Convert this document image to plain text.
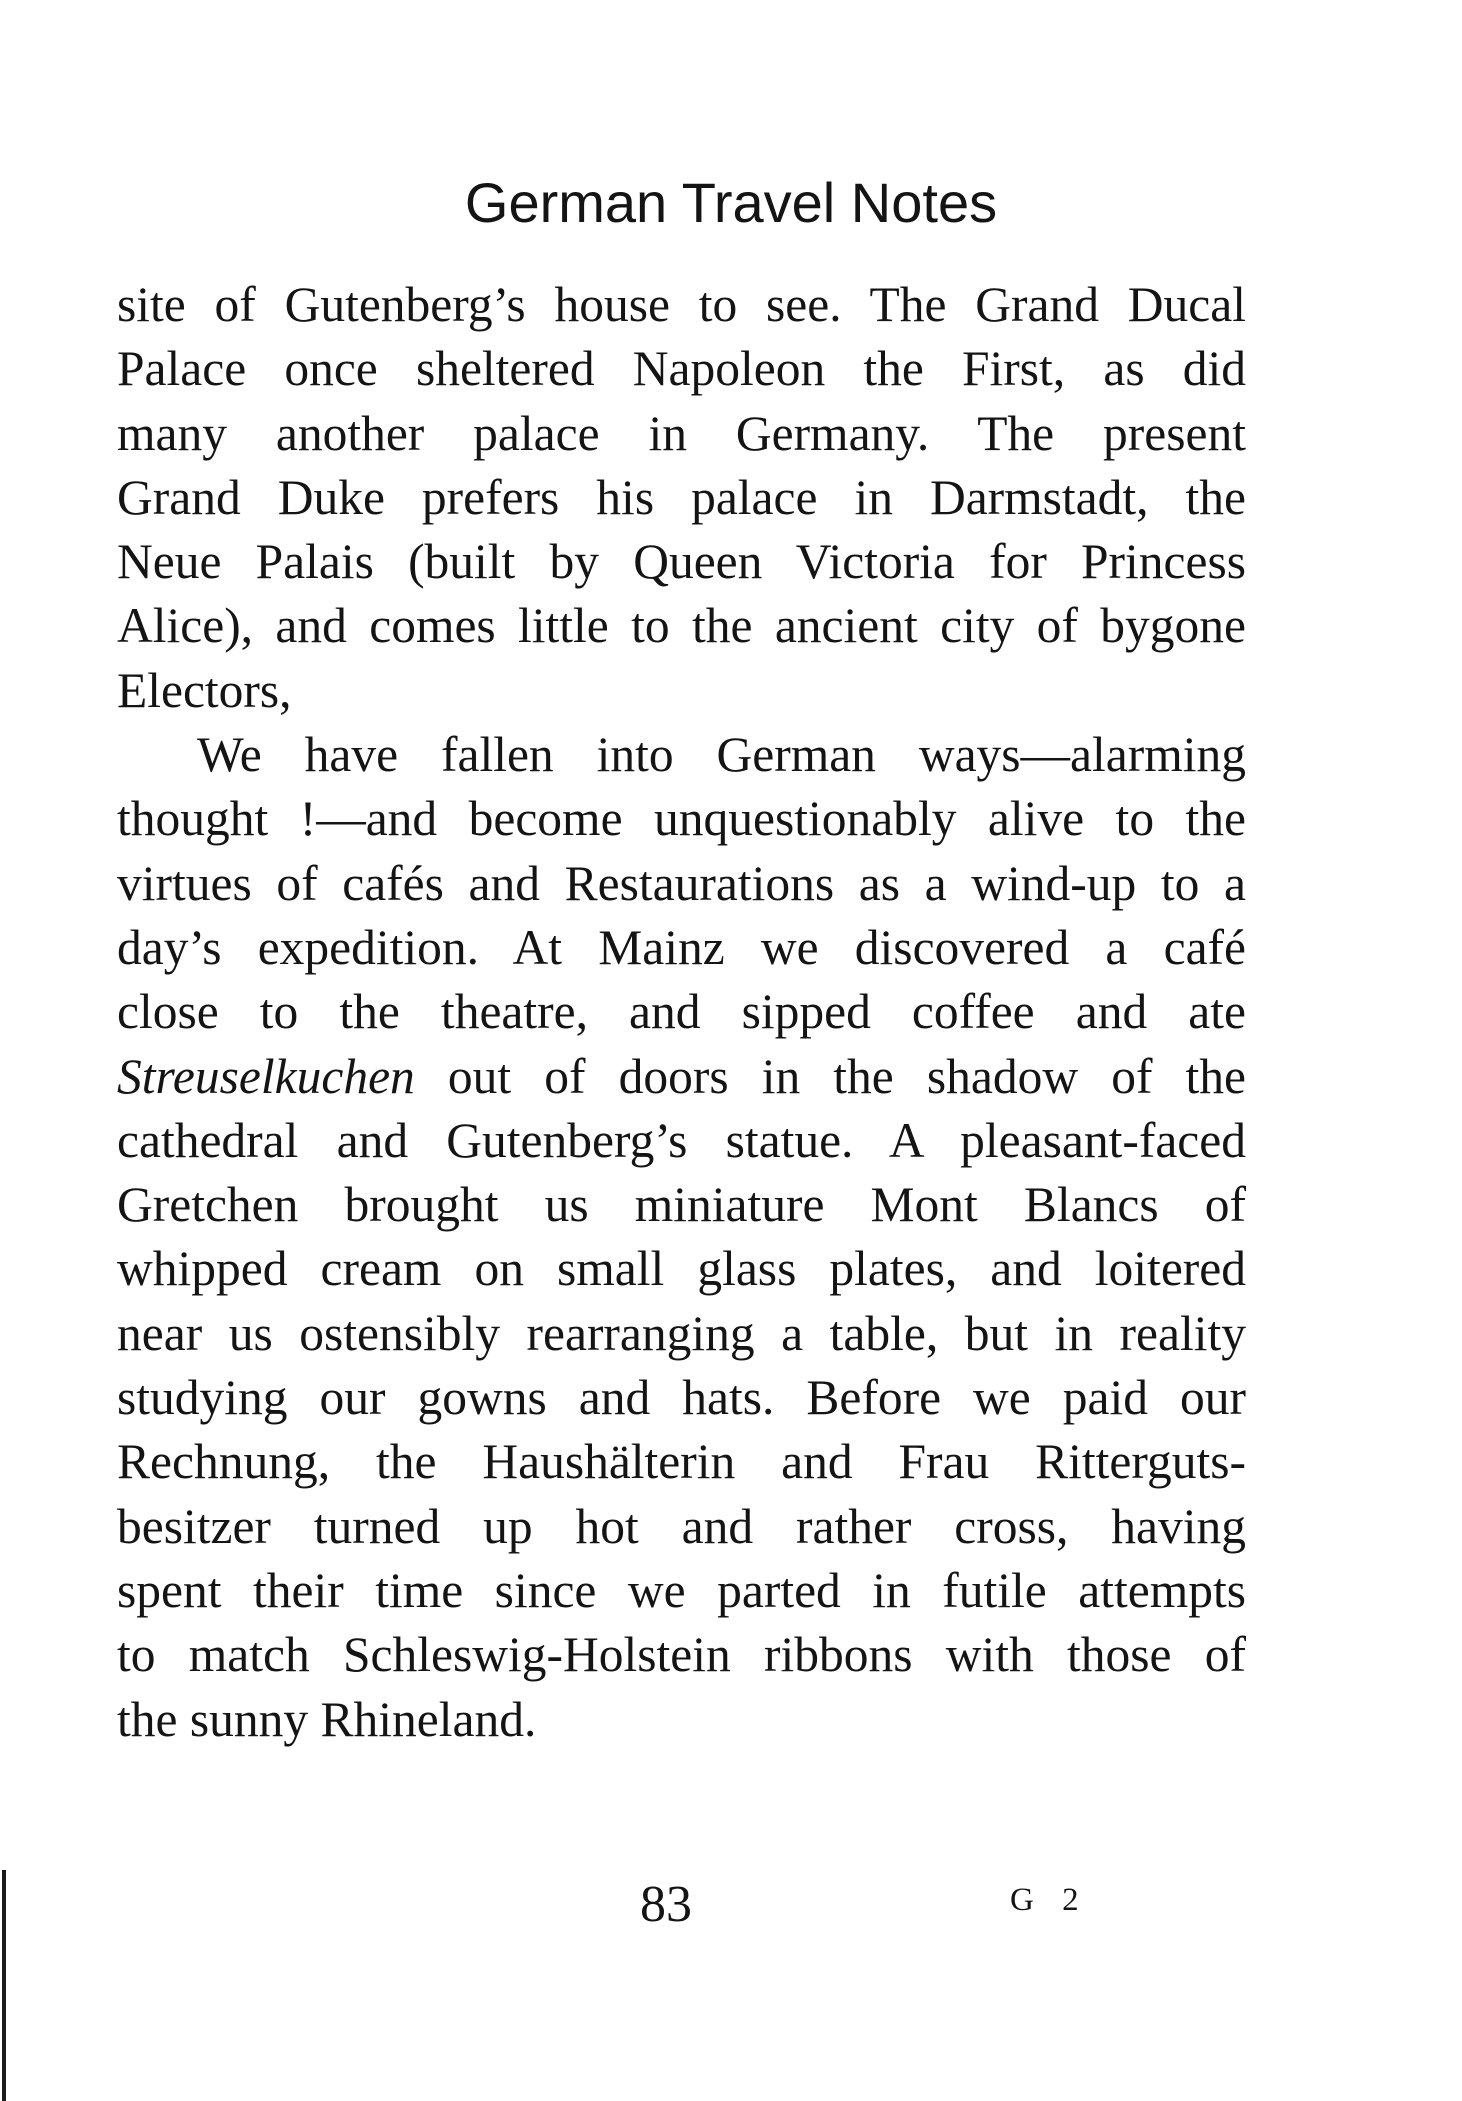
German Travel Notes
site of Gutenberg’s house to see. The Grand Ducal
Palace once sheltered Napoleon the First, as did
many another palace in Germany. The present
Grand Duke prefers his palace in Darmstadt, the
Neue Palais (built by Queen Victoria for Princess
Alice), and comes little to the ancient city of bygone
Electors,
We have fallen into German ways—alarming
thought !—and become unquestionably alive to the
virtues of cafés and Restaurations as a wind-up to a
day’s expedition. At Mainz we discovered a café
close to the theatre, and sipped coffee and ate
Streuselkuchen out of doors in the shadow of the
cathedral and Gutenberg’s statue. A pleasant-faced
Gretchen brought us miniature Mont Blancs of
whipped cream on small glass plates, and loitered
near us ostensibly rearranging a table, but in reality
studying our gowns and hats. Before we paid our
Rechnung, the Haushälterin and Frau Ritterguts-
besitzer turned up hot and rather cross, having
spent their time since we parted in futile attempts
to match Schleswig-Holstein ribbons with those of
the sunny Rhineland.
83	G 2
